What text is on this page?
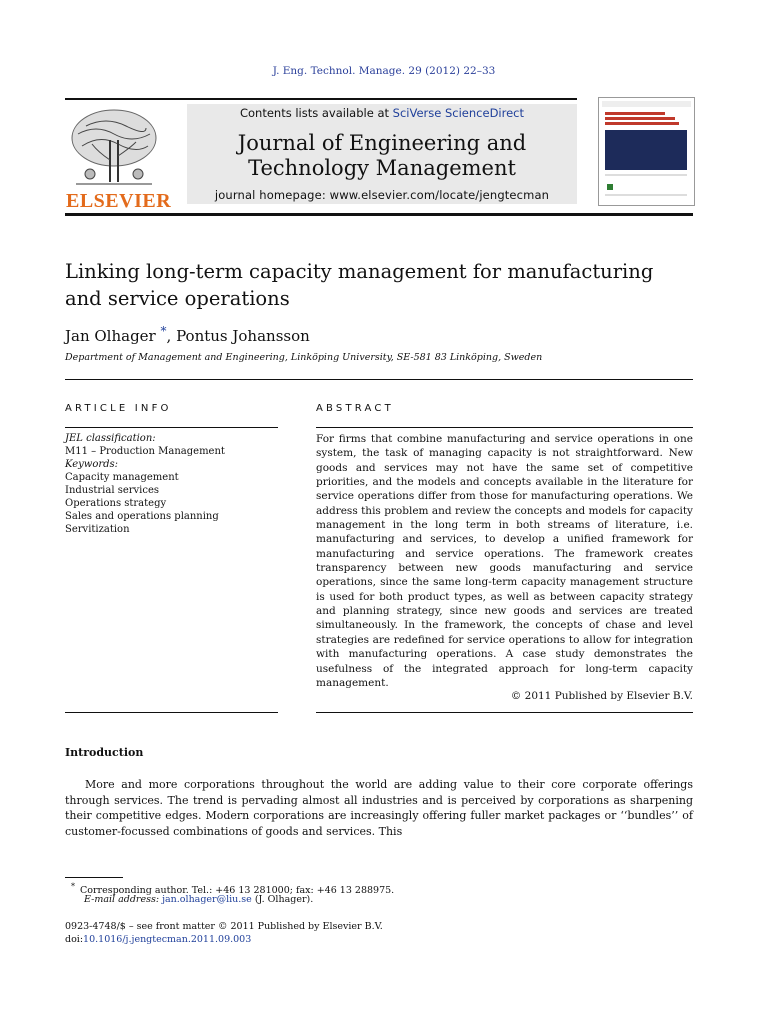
J. Eng. Technol. Manage. 29 (2012) 22–33
ELSEVIER
Contents lists available at SciVerse ScienceDirect
Journal of Engineering and
Technology Management
journal homepage: www.elsevier.com/locate/jengtecman
Linking long-term capacity management for manufacturing
and service operations
Jan Olhager *, Pontus Johansson
Department of Management and Engineering, Linköping University, SE-581 83 Linköping, Sweden
ARTICLE INFO
JEL classification:
M11 – Production Management
Keywords:
Capacity management
Industrial services
Operations strategy
Sales and operations planning
Servitization
ABSTRACT
For firms that combine manufacturing and service operations in one system, the task of managing capacity is not straightforward. New goods and services may not have the same set of competitive priorities, and the models and concepts available in the literature for service operations differ from those for manufacturing operations. We address this problem and review the concepts and models for capacity management in the long term in both streams of literature, i.e. manufacturing and services, to develop a unified framework for manufacturing and service operations. The framework creates transparency between new goods manufacturing and service operations, since the same long-term capacity management structure is used for both product types, as well as between capacity strategy and planning strategy, since new goods and services are treated simultaneously. In the framework, the concepts of chase and level strategies are redefined for service operations to allow for integration with manufacturing operations. A case study demonstrates the usefulness of the integrated approach for long-term capacity management.
© 2011 Published by Elsevier B.V.
Introduction
More and more corporations throughout the world are adding value to their core corporate offerings through services. The trend is pervading almost all industries and is perceived by corporations as sharpening their competitive edges. Modern corporations are increasingly offering fuller market packages or ‘‘bundles’’ of customer-focussed combinations of goods and services. This
* Corresponding author. Tel.: +46 13 281000; fax: +46 13 288975.
E-mail address: jan.olhager@liu.se (J. Olhager).
0923-4748/$ – see front matter © 2011 Published by Elsevier B.V.
doi:10.1016/j.jengtecman.2011.09.003
